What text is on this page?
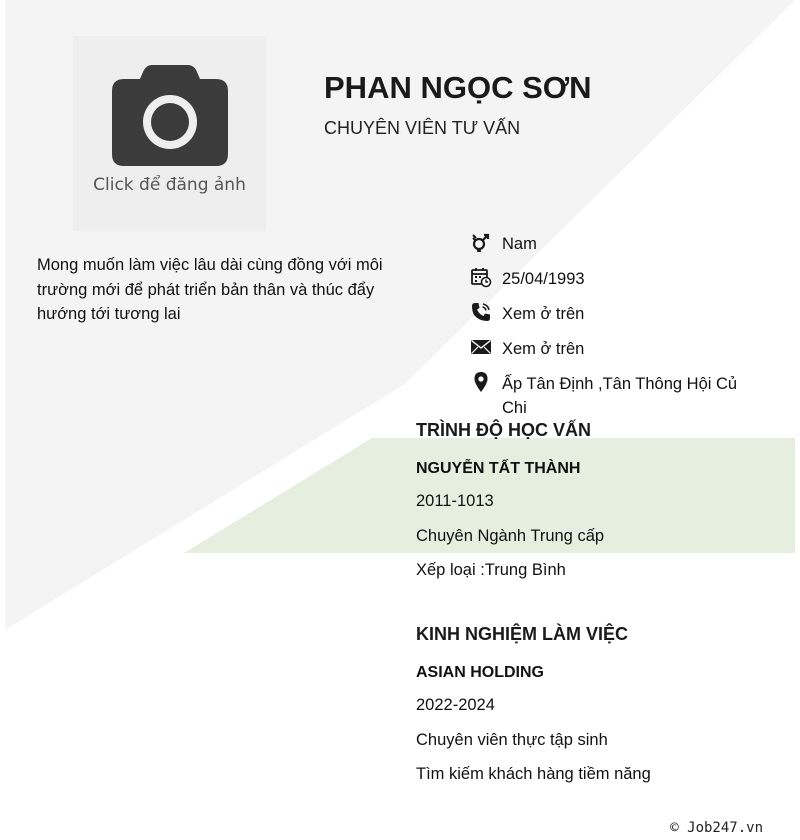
Click để đăng ảnh
PHAN NGỌC SƠN
CHUYÊN VIÊN TƯ VẤN
Mong muốn làm việc lâu dài cùng đồng với môi trường mới để phát triển bản thân và thúc đẩy hướng tới tương lai
Nam
25/04/1993
Xem ở trên
Xem ở trên
Ấp Tân Định ,Tân Thông Hội Củ Chi
TRÌNH ĐỘ HỌC VẤN
NGUYỄN TẤT THÀNH
2011-1013
Chuyên Ngành Trung cấp
Xếp loại :Trung Bình
KINH NGHIỆM LÀM VIỆC
ASIAN HOLDING
2022-2024
Chuyên viên thực tập sinh
Tìm kiếm khách hàng tiềm năng
© Job247.vn
